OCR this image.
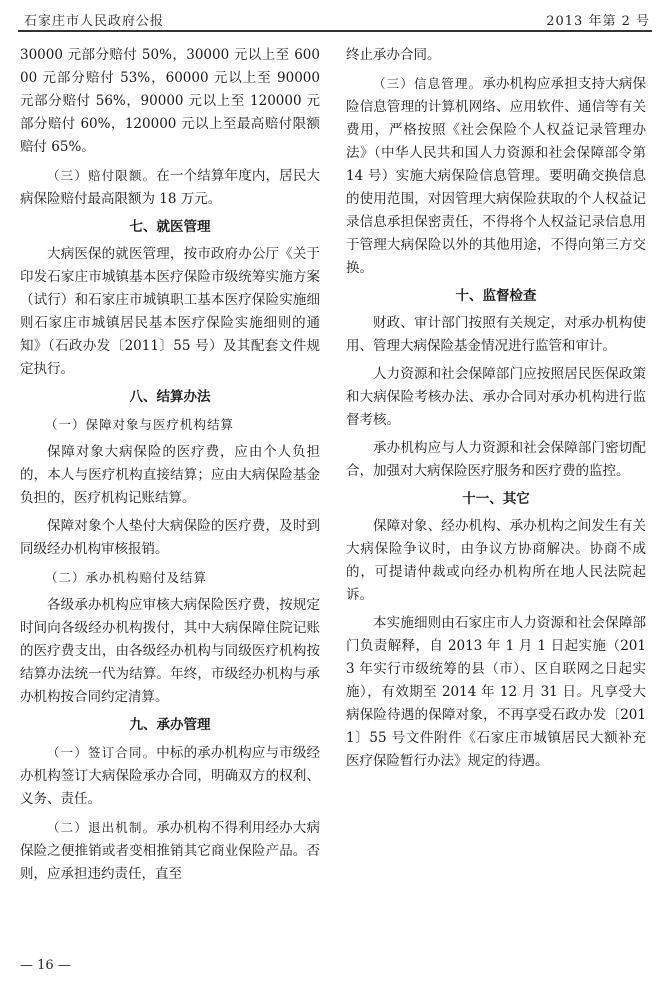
石家庄市人民政府公报	2013 年第 2 号

30000 元部分赔付 50%，30000 元以上至 60000 元部分赔付 53%，60000 元以上至 90000 元部分赔付 56%，90000 元以上至 120000 元部分赔付 60%，120000 元以上至最高赔付限额赔付 65%。

（三）赔付限额。在一个结算年度内，居民大病保险赔付最高限额为 18 万元。

七、就医管理

大病医保的就医管理，按市政府办公厅《关于印发石家庄市城镇基本医疗保险市级统筹实施方案（试行）和石家庄市城镇职工基本医疗保险实施细则石家庄市城镇居民基本医疗保险实施细则的通知》（石政办发〔2011〕55 号）及其配套文件规定执行。

八、结算办法

（一）保障对象与医疗机构结算

保障对象大病保险的医疗费，应由个人负担的，本人与医疗机构直接结算；应由大病保险基金负担的，医疗机构记账结算。

保障对象个人垫付大病保险的医疗费，及时到同级经办机构审核报销。

（二）承办机构赔付及结算

各级承办机构应审核大病保险医疗费，按规定时间向各级经办机构拨付，其中大病保障住院记账的医疗费支出，由各级经办机构与同级医疗机构按结算办法统一代为结算。年终，市级经办机构与承办机构按合同约定清算。

九、承办管理

（一）签订合同。中标的承办机构应与市级经办机构签订大病保险承办合同，明确双方的权利、义务、责任。

（二）退出机制。承办机构不得利用经办大病保险之便推销或者变相推销其它商业保险产品。否则，应承担违约责任，直至

终止承办合同。

（三）信息管理。承办机构应承担支持大病保险信息管理的计算机网络、应用软件、通信等有关费用，严格按照《社会保险个人权益记录管理办法》（中华人民共和国人力资源和社会保障部令第 14 号）实施大病保险信息管理。要明确交换信息的使用范围，对因管理大病保险获取的个人权益记录信息承担保密责任，不得将个人权益记录信息用于管理大病保险以外的其他用途，不得向第三方交换。

十、监督检查

财政、审计部门按照有关规定，对承办机构使用、管理大病保险基金情况进行监管和审计。

人力资源和社会保障部门应按照居民医保政策和大病保险考核办法、承办合同对承办机构进行监督考核。

承办机构应与人力资源和社会保障部门密切配合，加强对大病保险医疗服务和医疗费的监控。

十一、其它

保障对象、经办机构、承办机构之间发生有关大病保险争议时，由争议方协商解决。协商不成的，可提请仲裁或向经办机构所在地人民法院起诉。

本实施细则由石家庄市人力资源和社会保障部门负责解释，自 2013 年 1 月 1 日起实施（2013 年实行市级统筹的县（市）、区自联网之日起实施），有效期至 2014 年 12 月 31 日。凡享受大病保险待遇的保障对象，不再享受石政办发〔2011〕55 号文件附件《石家庄市城镇居民大额补充医疗保险暂行办法》规定的待遇。

— 16 —
